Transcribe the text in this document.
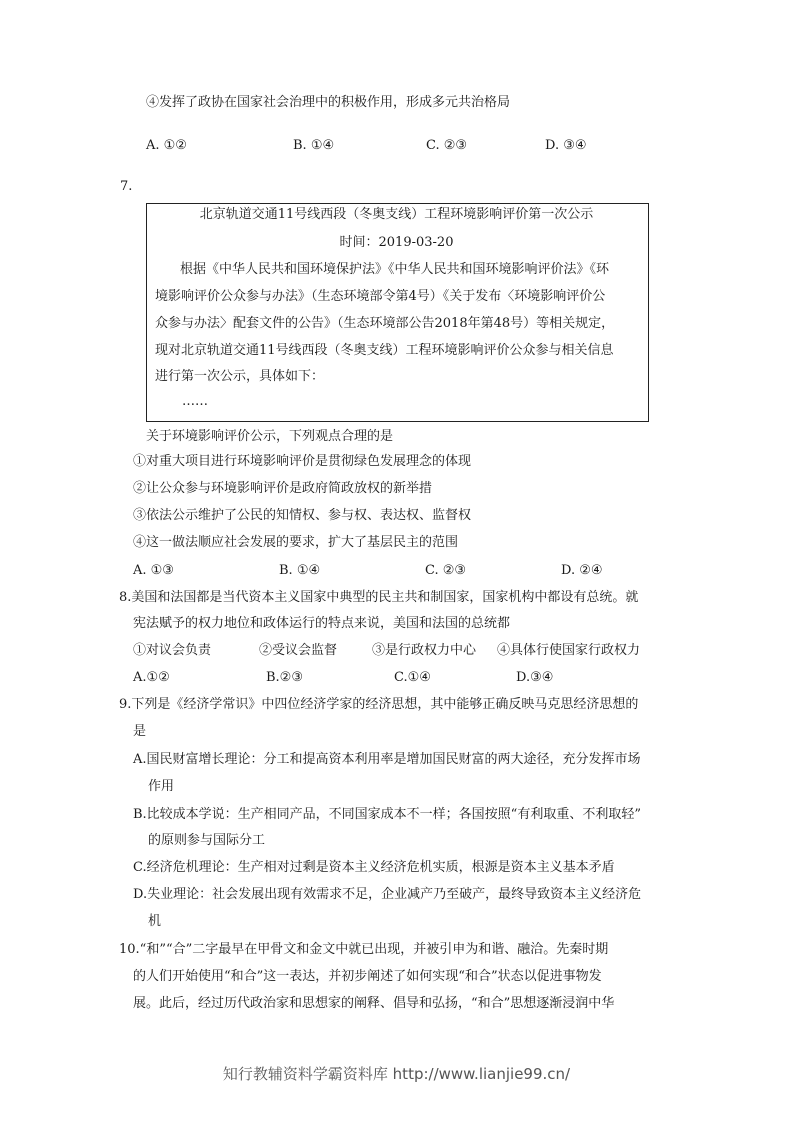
④发挥了政协在国家社会治理中的积极作用，形成多元共治格局
A. ①②	B. ①④	C. ②③	D. ③④
7.
北京轨道交通11号线西段（冬奥支线）工程环境影响评价第一次公示
时间：2019-03-20
根据《中华人民共和国环境保护法》《中华人民共和国环境影响评价法》《环
境影响评价公众参与办法》（生态环境部令第4号）《关于发布〈环境影响评价公
众参与办法〉配套文件的公告》（生态环境部公告2018年第48号）等相关规定，
现对北京轨道交通11号线西段（冬奥支线）工程环境影响评价公众参与相关信息
进行第一次公示，具体如下：
……
关于环境影响评价公示，下列观点合理的是
①对重大项目进行环境影响评价是贯彻绿色发展理念的体现
②让公众参与环境影响评价是政府简政放权的新举措
③依法公示维护了公民的知情权、参与权、表达权、监督权
④这一做法顺应社会发展的要求，扩大了基层民主的范围
A. ①③	B. ①④	C. ②③	D. ②④
8.美国和法国都是当代资本主义国家中典型的民主共和制国家，国家机构中都设有总统。就
宪法赋予的权力地位和政体运行的特点来说，美国和法国的总统都
①对议会负责	②受议会监督	③是行政权力中心 ④具体行使国家行政权力
A.①②	B.②③	C.①④	D.③④
9.下列是《经济学常识》中四位经济学家的经济思想，其中能够正确反映马克思经济思想的
是
A.国民财富增长理论：分工和提高资本利用率是增加国民财富的两大途径，充分发挥市场
作用
B.比较成本学说：生产相同产品，不同国家成本不一样；各国按照“有利取重、不利取轻”
的原则参与国际分工
C.经济危机理论：生产相对过剩是资本主义经济危机实质，根源是资本主义基本矛盾
D.失业理论：社会发展出现有效需求不足，企业减产乃至破产，最终导致资本主义经济危
机
10.“和”“合”二字最早在甲骨文和金文中就已出现，并被引申为和谐、融洽。先秦时期
的人们开始使用“和合”这一表达，并初步阐述了如何实现“和合”状态以促进事物发
展。此后，经过历代政治家和思想家的阐释、倡导和弘扬，“和合”思想逐渐浸润中华
知行教辅资料学霸资料库 http://www.lianjie99.cn/
